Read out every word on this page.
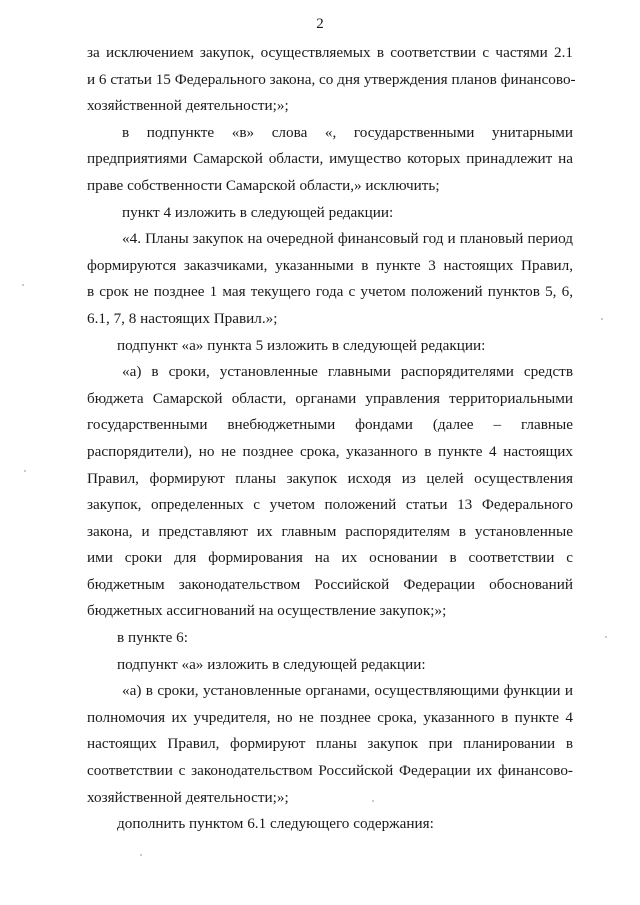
2
за исключением закупок, осуществляемых в соответствии с частями 2.1
и 6 статьи 15 Федерального закона, со дня утверждения планов финансово-
хозяйственной деятельности;»;
в подпункте «в» слова «, государственными унитарными
предприятиями Самарской области, имущество которых принадлежит на
праве собственности Самарской области,» исключить;
пункт 4 изложить в следующей редакции:
«4. Планы закупок на очередной финансовый год и плановый период
формируются заказчиками, указанными в пункте 3 настоящих Правил,
в срок не позднее 1 мая текущего года с учетом положений пунктов 5, 6,
6.1, 7, 8 настоящих Правил.»;
подпункт «а» пункта 5 изложить в следующей редакции:
«а) в сроки, установленные главными распорядителями средств
бюджета Самарской области, органами управления территориальными
государственными внебюджетными фондами (далее – главные
распорядители), но не позднее срока, указанного в пункте 4 настоящих
Правил, формируют планы закупок исходя из целей осуществления
закупок, определенных с учетом положений статьи 13 Федерального
закона, и представляют их главным распорядителям в установленные
ими сроки для формирования на их основании в соответствии с
бюджетным законодательством Российской Федерации обоснований
бюджетных ассигнований на осуществление закупок;»;
в пункте 6:
подпункт «а» изложить в следующей редакции:
«а) в сроки, установленные органами, осуществляющими функции и
полномочия их учредителя, но не позднее срока, указанного в пункте 4
настоящих Правил, формируют планы закупок при планировании в
соответствии с законодательством Российской Федерации их финансово-
хозяйственной деятельности;»;
дополнить пунктом 6.1 следующего содержания:
